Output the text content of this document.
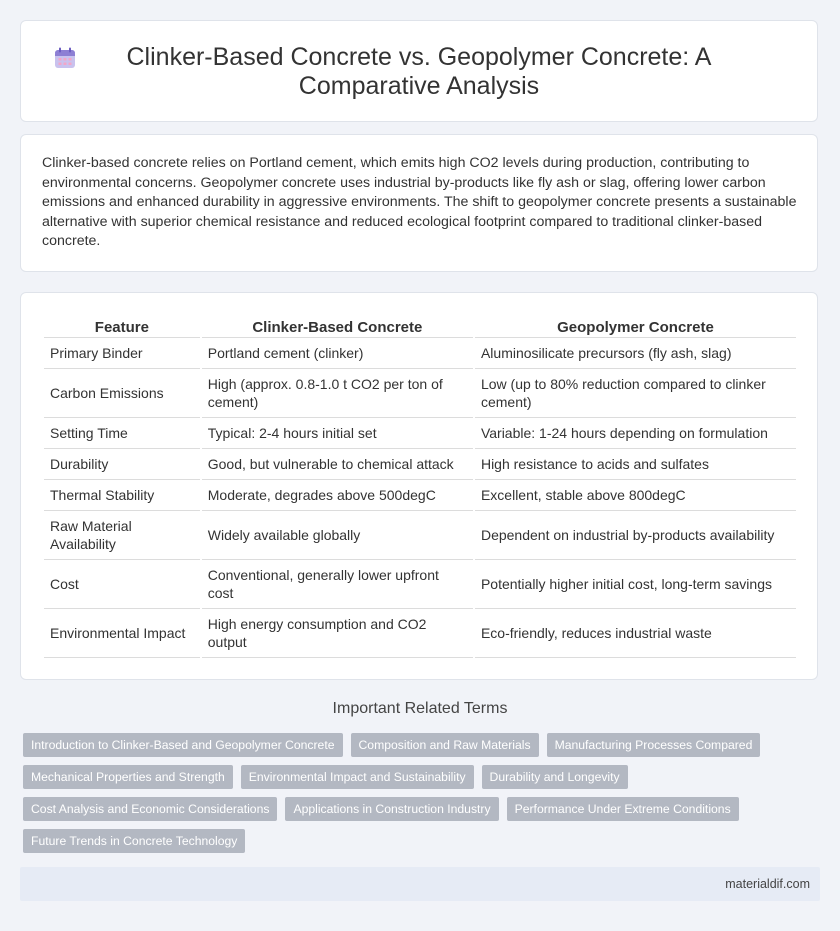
Clinker-Based Concrete vs. Geopolymer Concrete: A Comparative Analysis

Clinker-based concrete relies on Portland cement, which emits high CO2 levels during production, contributing to environmental concerns. Geopolymer concrete uses industrial by-products like fly ash or slag, offering lower carbon emissions and enhanced durability in aggressive environments. The shift to geopolymer concrete presents a sustainable alternative with superior chemical resistance and reduced ecological footprint compared to traditional clinker-based concrete.

Feature	Clinker-Based Concrete	Geopolymer Concrete
Primary Binder	Portland cement (clinker)	Aluminosilicate precursors (fly ash, slag)
Carbon Emissions	High (approx. 0.8-1.0 t CO2 per ton of cement)	Low (up to 80% reduction compared to clinker cement)
Setting Time	Typical: 2-4 hours initial set	Variable: 1-24 hours depending on formulation
Durability	Good, but vulnerable to chemical attack	High resistance to acids and sulfates
Thermal Stability	Moderate, degrades above 500degC	Excellent, stable above 800degC
Raw Material Availability	Widely available globally	Dependent on industrial by-products availability
Cost	Conventional, generally lower upfront cost	Potentially higher initial cost, long-term savings
Environmental Impact	High energy consumption and CO2 output	Eco-friendly, reduces industrial waste
Important Related Terms
Introduction to Clinker-Based and Geopolymer Concrete	Composition and Raw Materials	Manufacturing Processes Compared
Mechanical Properties and Strength	Environmental Impact and Sustainability	Durability and Longevity
Cost Analysis and Economic Considerations	Applications in Construction Industry	Performance Under Extreme Conditions
Future Trends in Concrete Technology
materialdif.com
